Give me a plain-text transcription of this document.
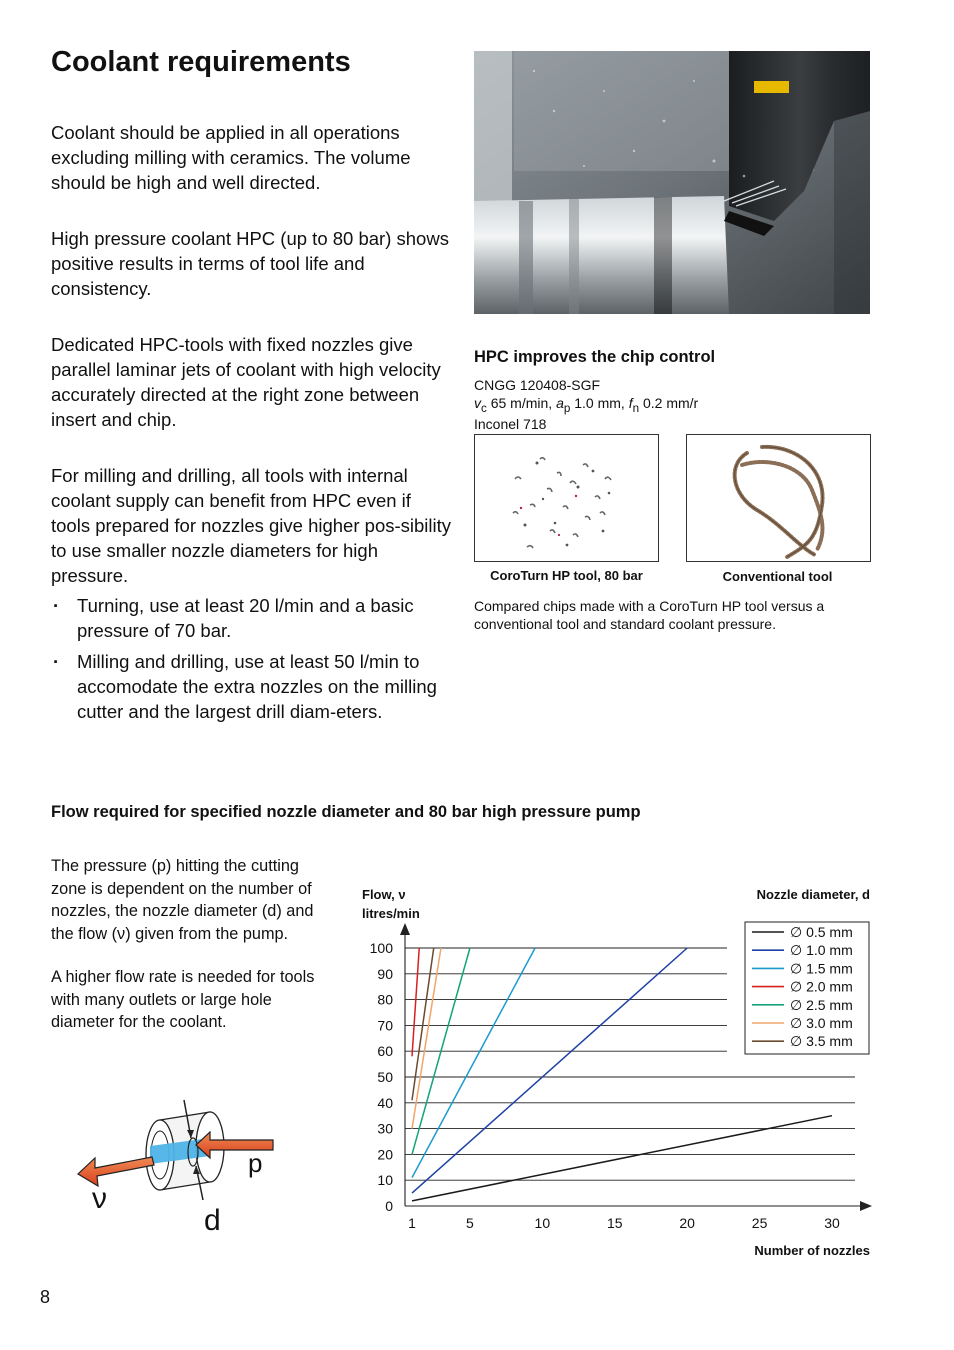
Coolant requirements

Coolant should be applied in all operations excluding milling with ceramics. The volume should be high and well directed.

High pressure coolant HPC (up to 80 bar) shows positive results in terms of tool life and consistency.

Dedicated HPC-tools with fixed nozzles give parallel laminar jets of coolant with high velocity accurately directed at the right zone between insert and chip.

For milling and drilling, all tools with internal coolant supply can benefit from HPC even if tools prepared for nozzles give higher pos-sibility to use smaller nozzle diameters for high pressure.

· Turning, use at least 20 l/min and a basic pressure of 70 bar.
· Milling and drilling, use at least 50 l/min to accomodate the extra nozzles on the milling cutter and the largest drill diam-eters.
HPC improves the chip control
CNGG 120408-SGF
$v_c$ 65 m/min, $a_p$ 1.0 mm, $f_n$ 0.2 mm/r
Inconel 718
CoroTurn HP tool, 80 bar	Conventional tool
Compared chips made with a CoroTurn HP tool versus a conventional tool and standard coolant pressure.
Flow required for specified nozzle diameter and 80 bar high pressure pump

The pressure (p) hitting the cutting zone is dependent on the number of nozzles, the nozzle diameter (d) and the flow (ν) given from the pump.

A higher flow rate is needed for tools with many outlets or large hole diameter for the coolant.

p
ν
d
Flow, ν
litres/min
Nozzle diameter, d
Number of nozzles
0
10
20
30
40
50
60
70
80
90
100
1	5	10	15	20	25	30
∅ 0.5 mm
∅ 1.0 mm
∅ 1.5 mm
∅ 2.0 mm
∅ 2.5 mm
∅ 3.0 mm
∅ 3.5 mm
8
